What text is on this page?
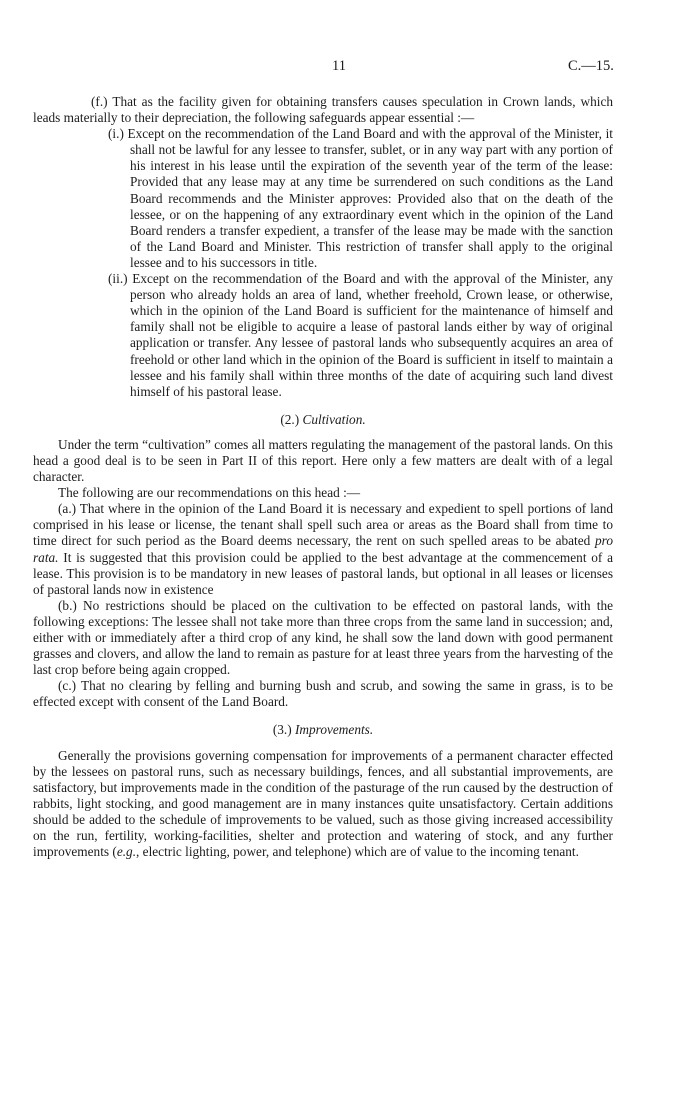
11	C.—15.

(f.) That as the facility given for obtaining transfers causes speculation in Crown lands, which leads materially to their depreciation, the following safeguards appear essential :—

(i.) Except on the recommendation of the Land Board and with the approval of the Minister, it shall not be lawful for any lessee to transfer, sublet, or in any way part with any portion of his interest in his lease until the expiration of the seventh year of the term of the lease: Provided that any lease may at any time be surrendered on such conditions as the Land Board recommends and the Minister approves: Provided also that on the death of the lessee, or on the happening of any extraordinary event which in the opinion of the Land Board renders a transfer expedient, a transfer of the lease may be made with the sanction of the Land Board and Minister. This restriction of transfer shall apply to the original lessee and to his successors in title.

(ii.) Except on the recommendation of the Board and with the approval of the Minister, any person who already holds an area of land, whether freehold, Crown lease, or otherwise, which in the opinion of the Land Board is sufficient for the maintenance of himself and family shall not be eligible to acquire a lease of pastoral lands either by way of original application or transfer. Any lessee of pastoral lands who subsequently acquires an area of freehold or other land which in the opinion of the Board is sufficient in itself to maintain a lessee and his family shall within three months of the date of acquiring such land divest himself of his pastoral lease.

(2.) Cultivation.

Under the term “cultivation” comes all matters regulating the management of the pastoral lands. On this head a good deal is to be seen in Part II of this report. Here only a few matters are dealt with of a legal character.

The following are our recommendations on this head :—

(a.) That where in the opinion of the Land Board it is necessary and expedient to spell portions of land comprised in his lease or license, the tenant shall spell such area or areas as the Board shall from time to time direct for such period as the Board deems necessary, the rent on such spelled areas to be abated pro rata. It is suggested that this provision could be applied to the best advantage at the commencement of a lease. This provision is to be mandatory in new leases of pastoral lands, but optional in all leases or licenses of pastoral lands now in existence

(b.) No restrictions should be placed on the cultivation to be effected on pastoral lands, with the following exceptions: The lessee shall not take more than three crops from the same land in succession; and, either with or immediately after a third crop of any kind, he shall sow the land down with good permanent grasses and clovers, and allow the land to remain as pasture for at least three years from the harvesting of the last crop before being again cropped.

(c.) That no clearing by felling and burning bush and scrub, and sowing the same in grass, is to be effected except with consent of the Land Board.

(3.) Improvements.

Generally the provisions governing compensation for improvements of a permanent character effected by the lessees on pastoral runs, such as necessary buildings, fences, and all substantial improvements, are satisfactory, but improvements made in the condition of the pasturage of the run caused by the destruction of rabbits, light stocking, and good management are in many instances quite unsatisfactory. Certain additions should be added to the schedule of improvements to be valued, such as those giving increased accessibility on the run, fertility, working-facilities, shelter and protection and watering of stock, and any further improvements (e.g., electric lighting, power, and telephone) which are of value to the incoming tenant.
